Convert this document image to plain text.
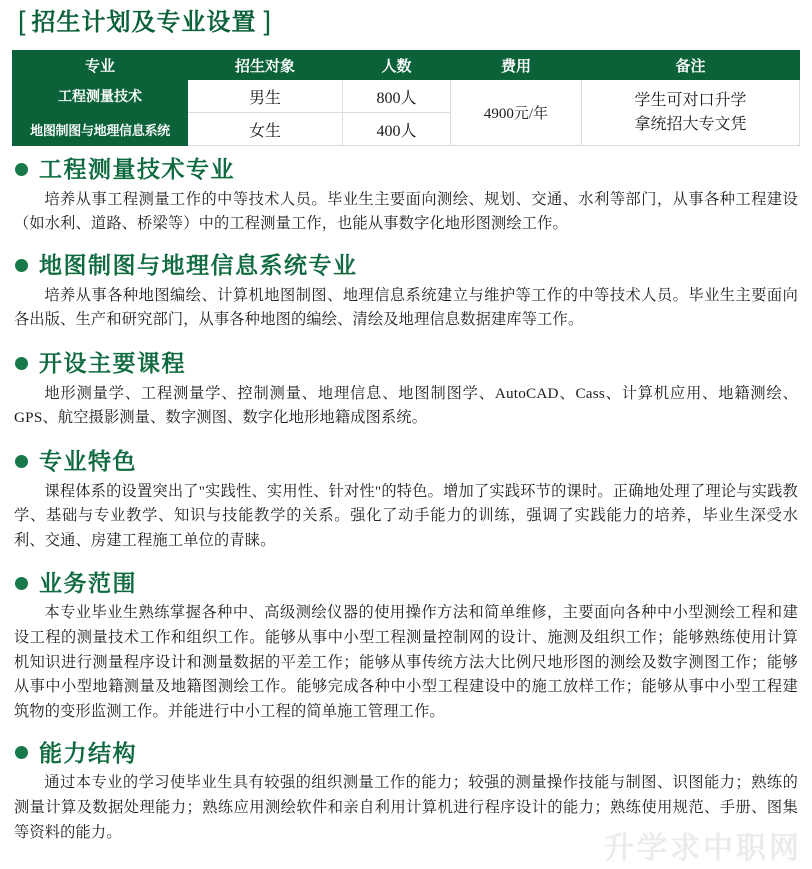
[ 招生计划及专业设置 ]
专业	招生对象	人数	费用	备注
工程测量技术	男生	800人	4900元/年	学生可对口升学
拿统招大专文凭

地图制图与地理信息系统	女生	400人		
工程测量技术专业

培养从事工程测量工作的中等技术人员。毕业生主要面向测绘、规划、交通、水利等部门，从事各种工程建设（如水利、道路、桥梁等）中的工程测量工作，也能从事数字化地形图测绘工作。

地图制图与地理信息系统专业

培养从事各种地图编绘、计算机地图制图、地理信息系统建立与维护等工作的中等技术人员。毕业生主要面向各出版、生产和研究部门，从事各种地图的编绘、清绘及地理信息数据建库等工作。

开设主要课程

地形测量学、工程测量学、控制测量、地理信息、地图制图学、AutoCAD、Cass、计算机应用、地籍测绘、GPS、航空摄影测量、数字测图、数字化地形地籍成图系统。

专业特色

课程体系的设置突出了"实践性、实用性、针对性"的特色。增加了实践环节的课时。正确地处理了理论与实践教学、基础与专业教学、知识与技能教学的关系。强化了动手能力的训练，强调了实践能力的培养，毕业生深受水利、交通、房建工程施工单位的青睐。

业务范围

本专业毕业生熟练掌握各种中、高级测绘仪器的使用操作方法和简单维修，主要面向各种中小型测绘工程和建设工程的测量技术工作和组织工作。能够从事中小型工程测量控制网的设计、施测及组织工作；能够熟练使用计算机知识进行测量程序设计和测量数据的平差工作；能够从事传统方法大比例尺地形图的测绘及数字测图工作；能够从事中小型地籍测量及地籍图测绘工作。能够完成各种中小型工程建设中的施工放样工作；能够从事中小型工程建筑物的变形监测工作。并能进行中小工程的简单施工管理工作。

能力结构

通过本专业的学习使毕业生具有较强的组织测量工作的能力；较强的测量操作技能与制图、识图能力；熟练的测量计算及数据处理能力；熟练应用测绘软件和亲自利用计算机进行程序设计的能力；熟练使用规范、手册、图集等资料的能力。	升学求中职网
